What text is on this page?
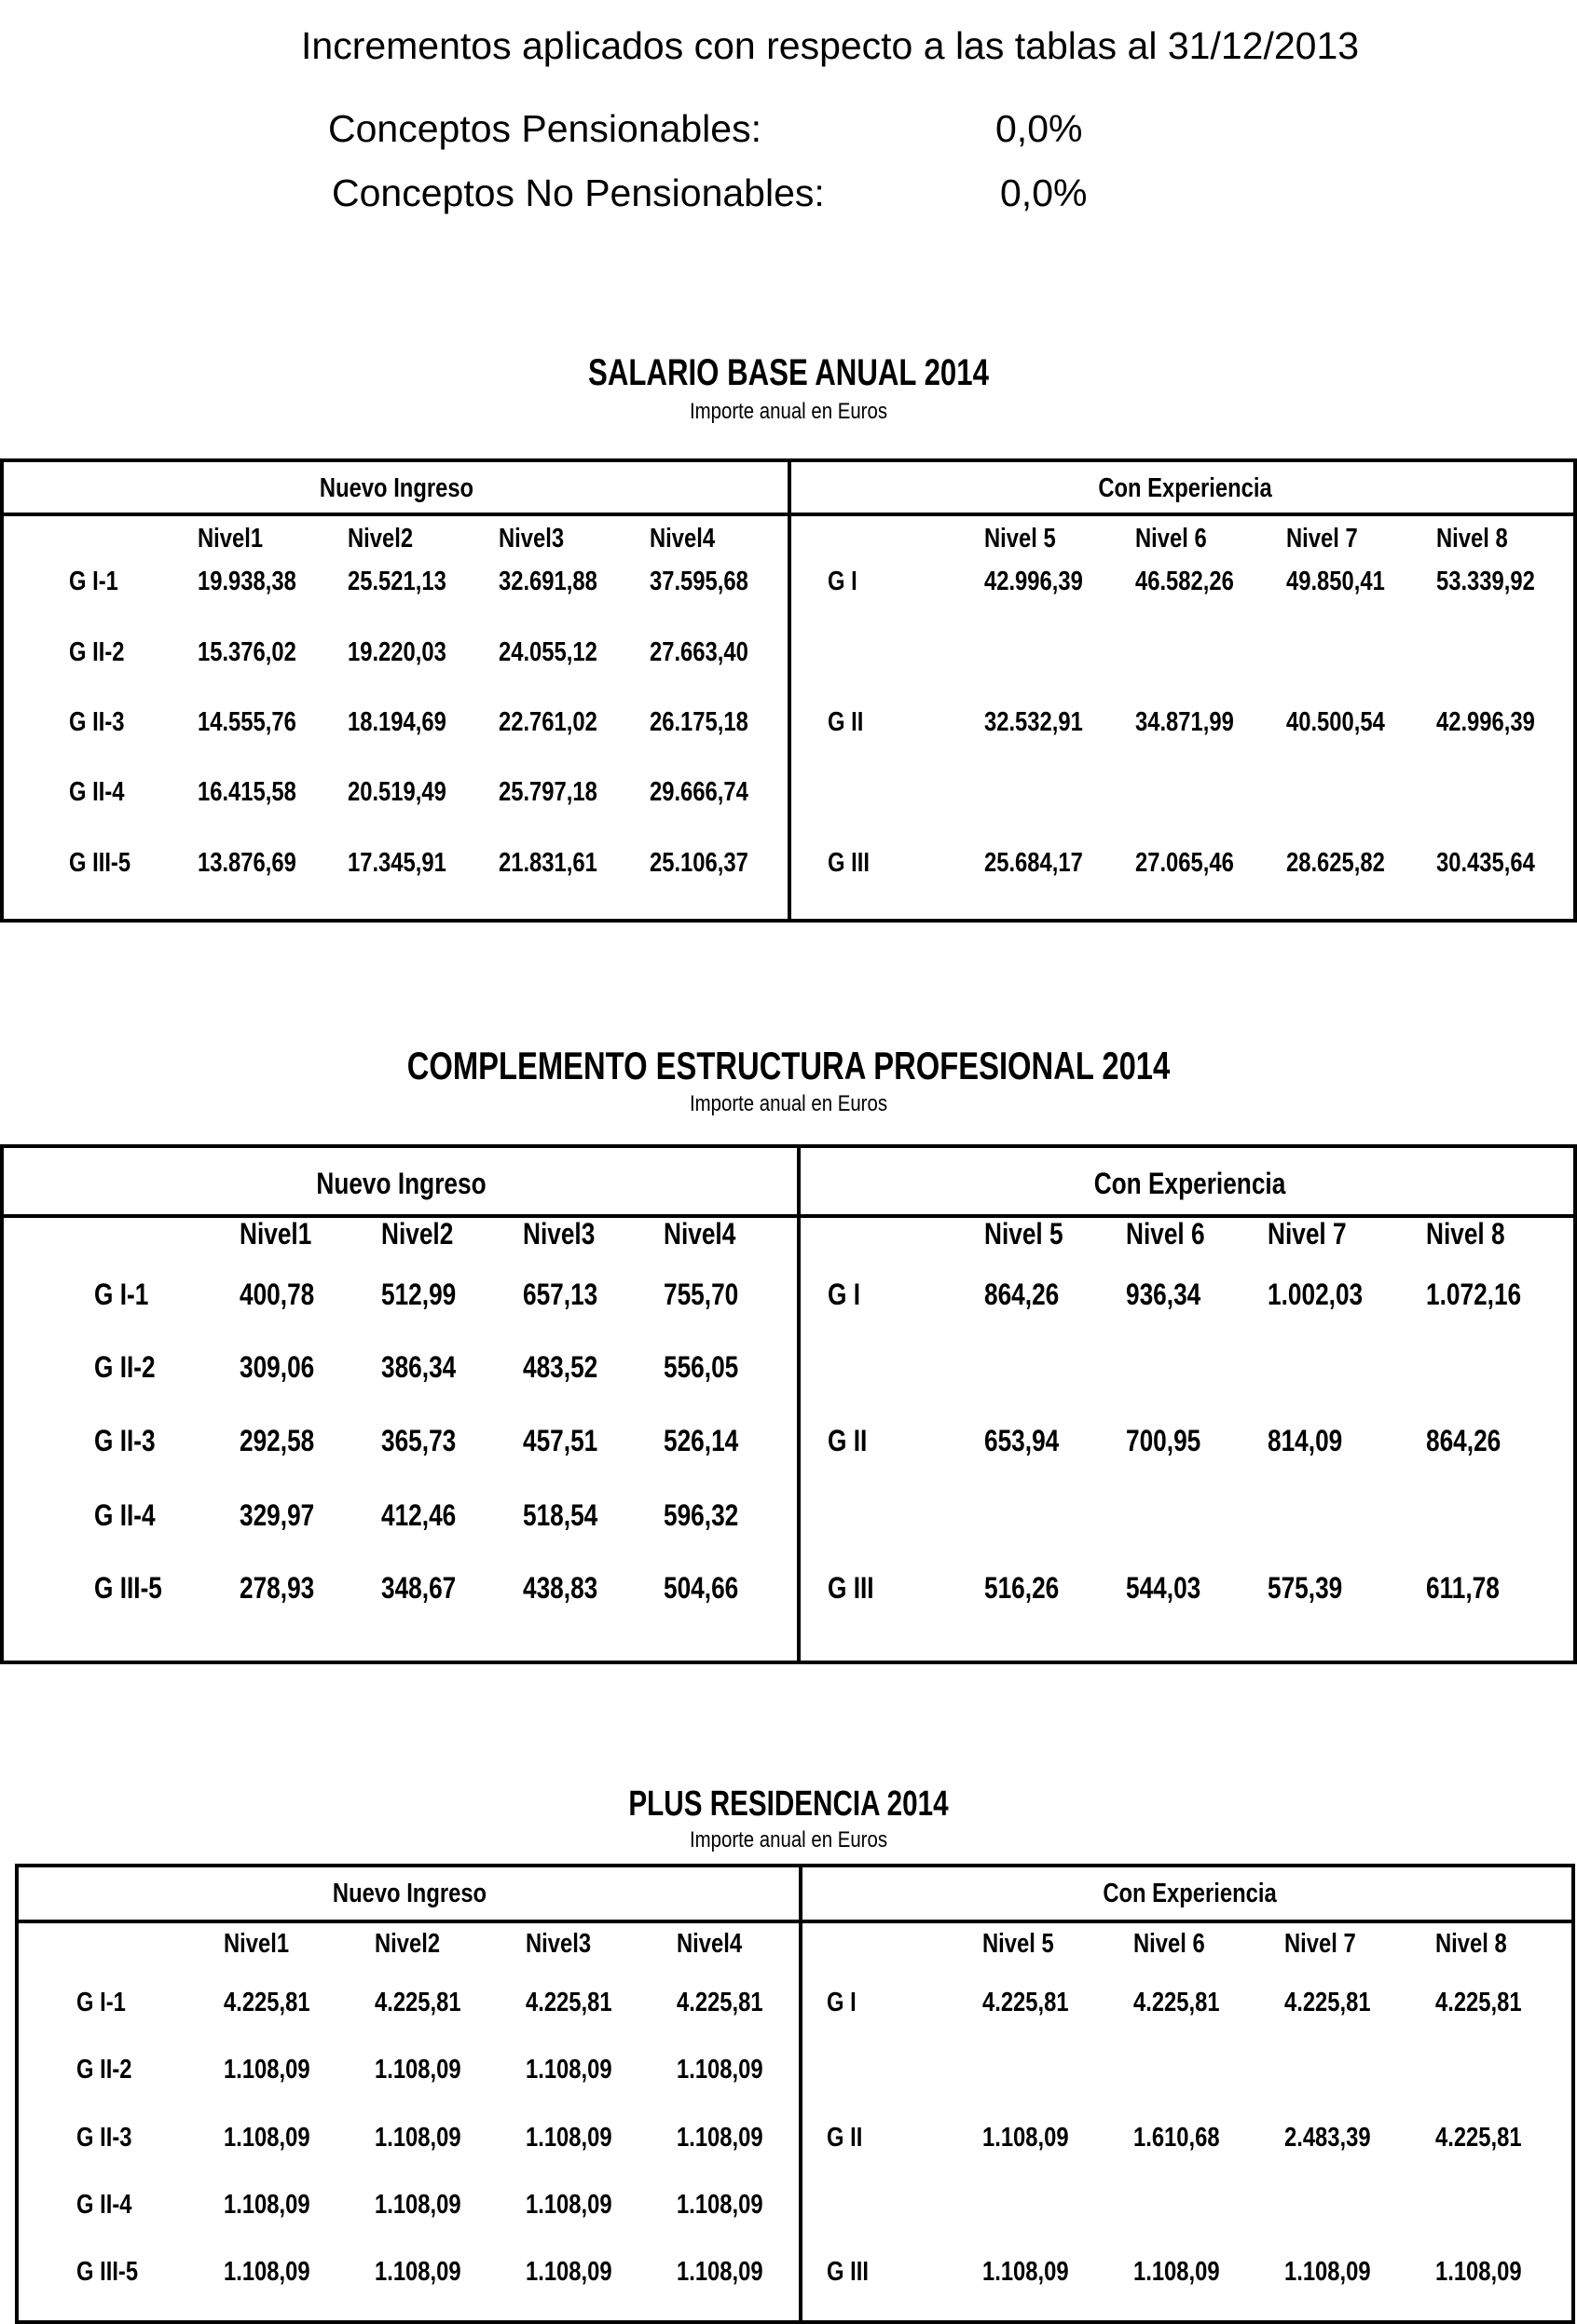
Incrementos aplicados con respecto a las tablas al 31/12/2013
Conceptos Pensionables:	0,0%
Conceptos No Pensionables:	0,0%
SALARIO BASE ANUAL 2014
Importe anual en Euros
Nuevo Ingreso	Con Experiencia
Nivel1	Nivel2	Nivel3	Nivel4	Nivel 5	Nivel 6	Nivel 7	Nivel 8
G I-1	19.938,38 25.521,13 32.691,88 37.595,68
G II-2	15.376,02 19.220,03 24.055,12 27.663,40
G II-3	14.555,76 18.194,69 22.761,02 26.175,18
G II-4	16.415,58 20.519,49 25.797,18 29.666,74
G III-5 13.876,69 17.345,91 21.831,61 25.106,37
G I	42.996,39 46.582,26 49.850,41 53.339,92
G II	32.532,91 34.871,99 40.500,54 42.996,39
G III	25.684,17 27.065,46 28.625,82 30.435,64
COMPLEMENTO ESTRUCTURA PROFESIONAL 2014
Importe anual en Euros
Nuevo Ingreso	Con Experiencia
Nivel1 Nivel2 Nivel3 Nivel4	Nivel 5 Nivel 6 Nivel 7	Nivel 8
G I-1	400,78 512,99 657,13 755,70
G II-2	309,06 386,34 483,52 556,05
G II-3	292,58 365,73 457,51 526,14
G II-4	329,97 412,46 518,54 596,32
G III-5	278,93 348,67 438,83 504,66
G I	864,26 936,34 1.002,03 1.072,16
G II	653,94 700,95 814,09	864,26
G III	516,26 544,03 575,39	611,78
PLUS RESIDENCIA 2014
Importe anual en Euros
Nuevo Ingreso	Con Experiencia
Nivel1	Nivel2	Nivel3	Nivel4	Nivel 5	Nivel 6	Nivel 7	Nivel 8
G I-1	4.225,81 4.225,81 4.225,81 4.225,81
G II-2	1.108,09 1.108,09 1.108,09 1.108,09
G II-3	1.108,09 1.108,09 1.108,09 1.108,09
G II-4	1.108,09 1.108,09 1.108,09 1.108,09
G III-5	1.108,09 1.108,09 1.108,09 1.108,09
G I	4.225,81 4.225,81 4.225,81 4.225,81
G II	1.108,09 1.610,68 2.483,39 4.225,81
G III	1.108,09 1.108,09 1.108,09 1.108,09
